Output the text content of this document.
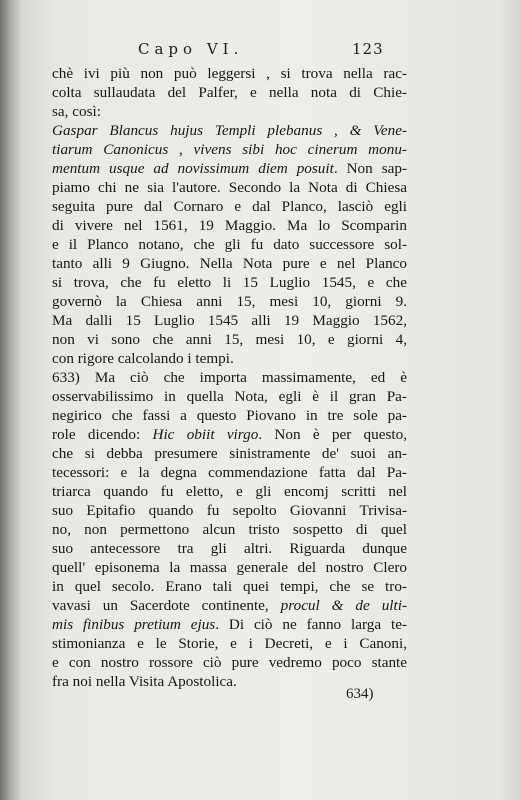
Capo VI.	123
chè ivi più non può leggersi , si trova nella rac-
colta sullaudata del Palfer, e nella nota di Chie-
sa, così:
Gaspar Blancus hujus Templi plebanus , & Vene-
tiarum Canonicus , vivens sibi hoc cinerum monu-
mentum usque ad novissimum diem posuit. Non sap-
piamo chi ne sia l'autore. Secondo la Nota di Chiesa
seguita pure dal Cornaro e dal Planco, lasciò egli
di vivere nel 1561, 19 Maggio. Ma lo Scomparin
e il Planco notano, che gli fu dato successore sol-
tanto alli 9 Giugno. Nella Nota pure e nel Planco
si trova, che fu eletto li 15 Luglio 1545, e che
governò la Chiesa anni 15, mesi 10, giorni 9.
Ma dalli 15 Luglio 1545 alli 19 Maggio 1562,
non vi sono che anni 15, mesi 10, e giorni 4,
con rigore calcolando i tempi.
633) Ma ciò che importa massimamente, ed è
osservabilissimo in quella Nota, egli è il gran Pa-
negirico che fassi a questo Piovano in tre sole pa-
role dicendo: Hic obiit virgo. Non è per questo,
che si debba presumere sinistramente de' suoi an-
tecessori: e la degna commendazione fatta dal Pa-
triarca quando fu eletto, e gli encomj scritti nel
suo Epitafio quando fu sepolto Giovanni Trivisa-
no, non permettono alcun tristo sospetto di quel
suo antecessore tra gli altri. Riguarda dunque
quell' episonema la massa generale del nostro Clero
in quel secolo. Erano tali quei tempi, che se tro-
vavasi un Sacerdote continente, procul & de ulti-
mis finibus pretium ejus. Di ciò ne fanno larga te-
stimonianza e le Storie, e i Decreti, e i Canoni,
e con nostro rossore ciò pure vedremo poco stante
fra noi nella Visita Apostolica.
634)
